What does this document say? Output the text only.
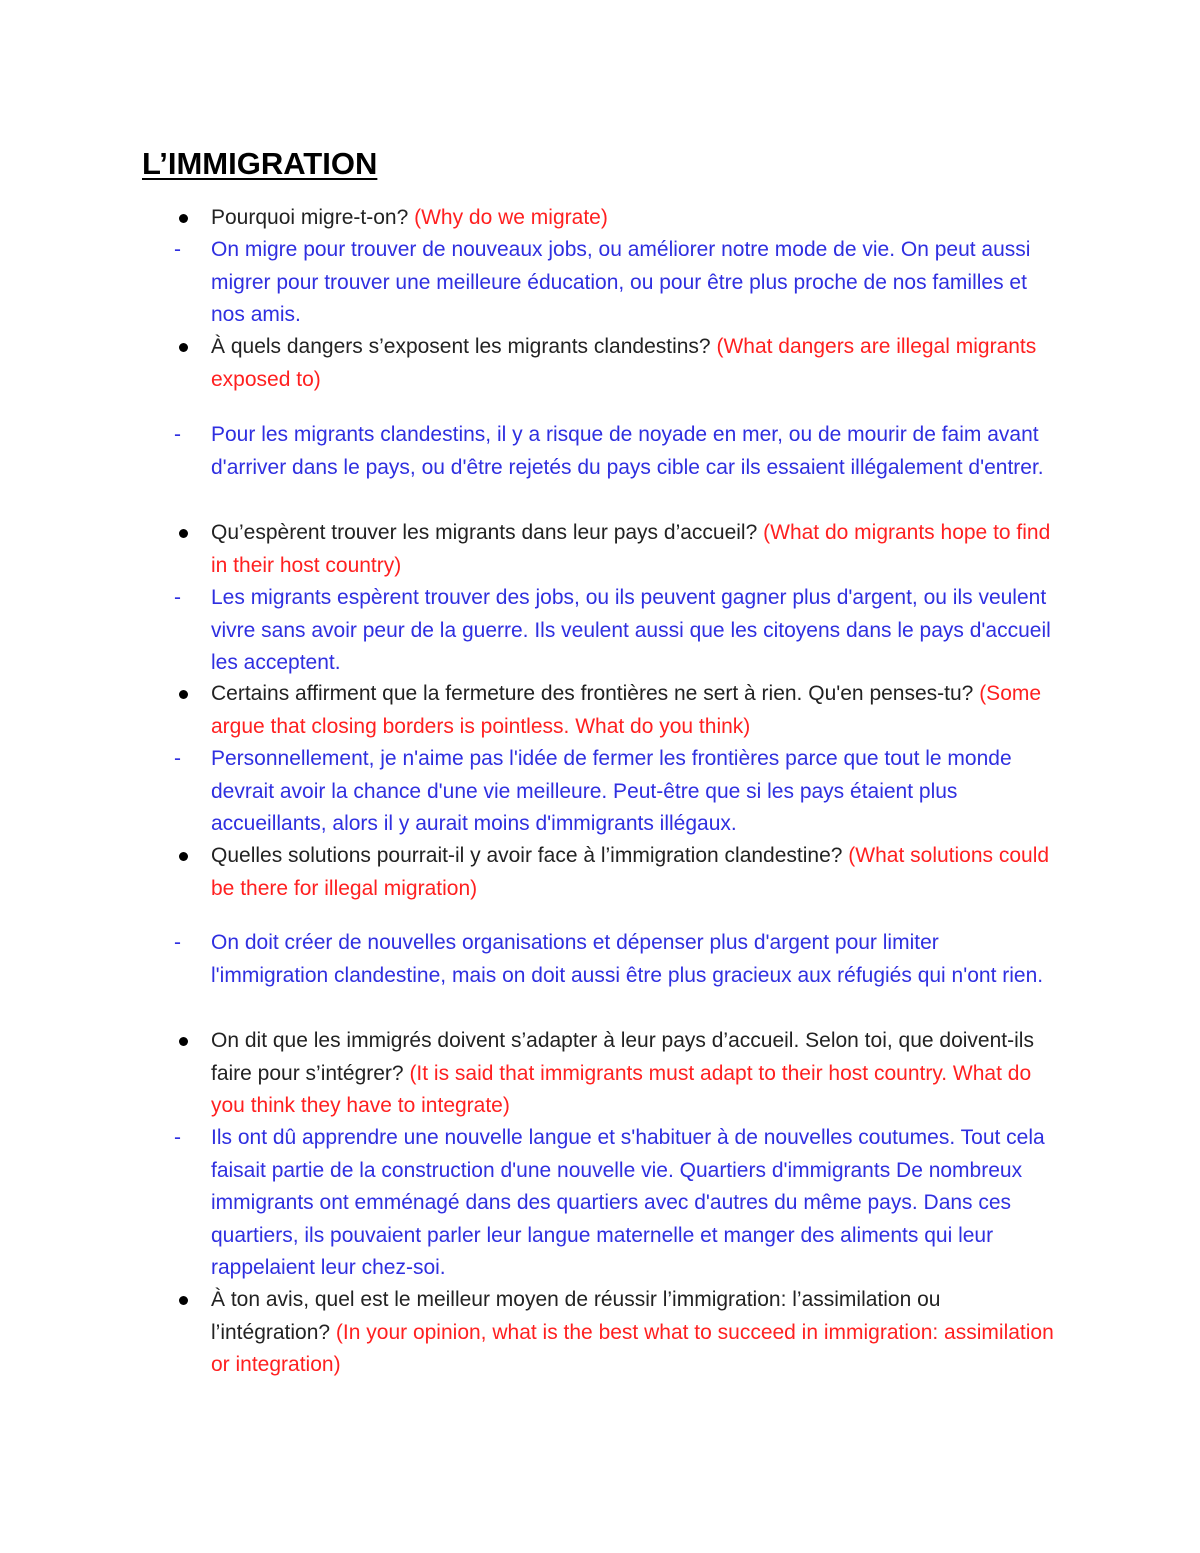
L’IMMIGRATION
Pourquoi migre-t-on? (Why do we migrate)
-	On migre pour trouver de nouveaux jobs, ou améliorer notre mode de vie. On peut aussi migrer pour trouver une meilleure éducation, ou pour être plus proche de nos familles et nos amis.
À quels dangers s’exposent les migrants clandestins? (What dangers are illegal migrants exposed to)
-	Pour les migrants clandestins, il y a risque de noyade en mer, ou de mourir de faim avant d'arriver dans le pays, ou d'être rejetés du pays cible car ils essaient illégalement d'entrer.
Qu’espèrent trouver les migrants dans leur pays d’accueil? (What do migrants hope to find in their host country)
-	Les migrants espèrent trouver des jobs, ou ils peuvent gagner plus d'argent, ou ils veulent vivre sans avoir peur de la guerre. Ils veulent aussi que les citoyens dans le pays d'accueil les acceptent.
Certains affirment que la fermeture des frontières ne sert à rien. Qu'en penses-tu? (Some argue that closing borders is pointless. What do you think)
-	Personnellement, je n'aime pas l'idée de fermer les frontières parce que tout le monde devrait avoir la chance d'une vie meilleure. Peut-être que si les pays étaient plus accueillants, alors il y aurait moins d'immigrants illégaux.
Quelles solutions pourrait-il y avoir face à l’immigration clandestine? (What solutions could be there for illegal migration)
-	On doit créer de nouvelles organisations et dépenser plus d'argent pour limiter l'immigration clandestine, mais on doit aussi être plus gracieux aux réfugiés qui n'ont rien.
On dit que les immigrés doivent s’adapter à leur pays d’accueil. Selon toi, que doivent-ils faire pour s’intégrer? (It is said that immigrants must adapt to their host country. What do you think they have to integrate)
-	Ils ont dû apprendre une nouvelle langue et s'habituer à de nouvelles coutumes. Tout cela faisait partie de la construction d'une nouvelle vie. Quartiers d'immigrants De nombreux immigrants ont emménagé dans des quartiers avec d'autres du même pays. Dans ces quartiers, ils pouvaient parler leur langue maternelle et manger des aliments qui leur rappelaient leur chez-soi.
À ton avis, quel est le meilleur moyen de réussir l’immigration: l’assimilation ou l’intégration? (In your opinion, what is the best what to succeed in immigration: assimilation or integration)
